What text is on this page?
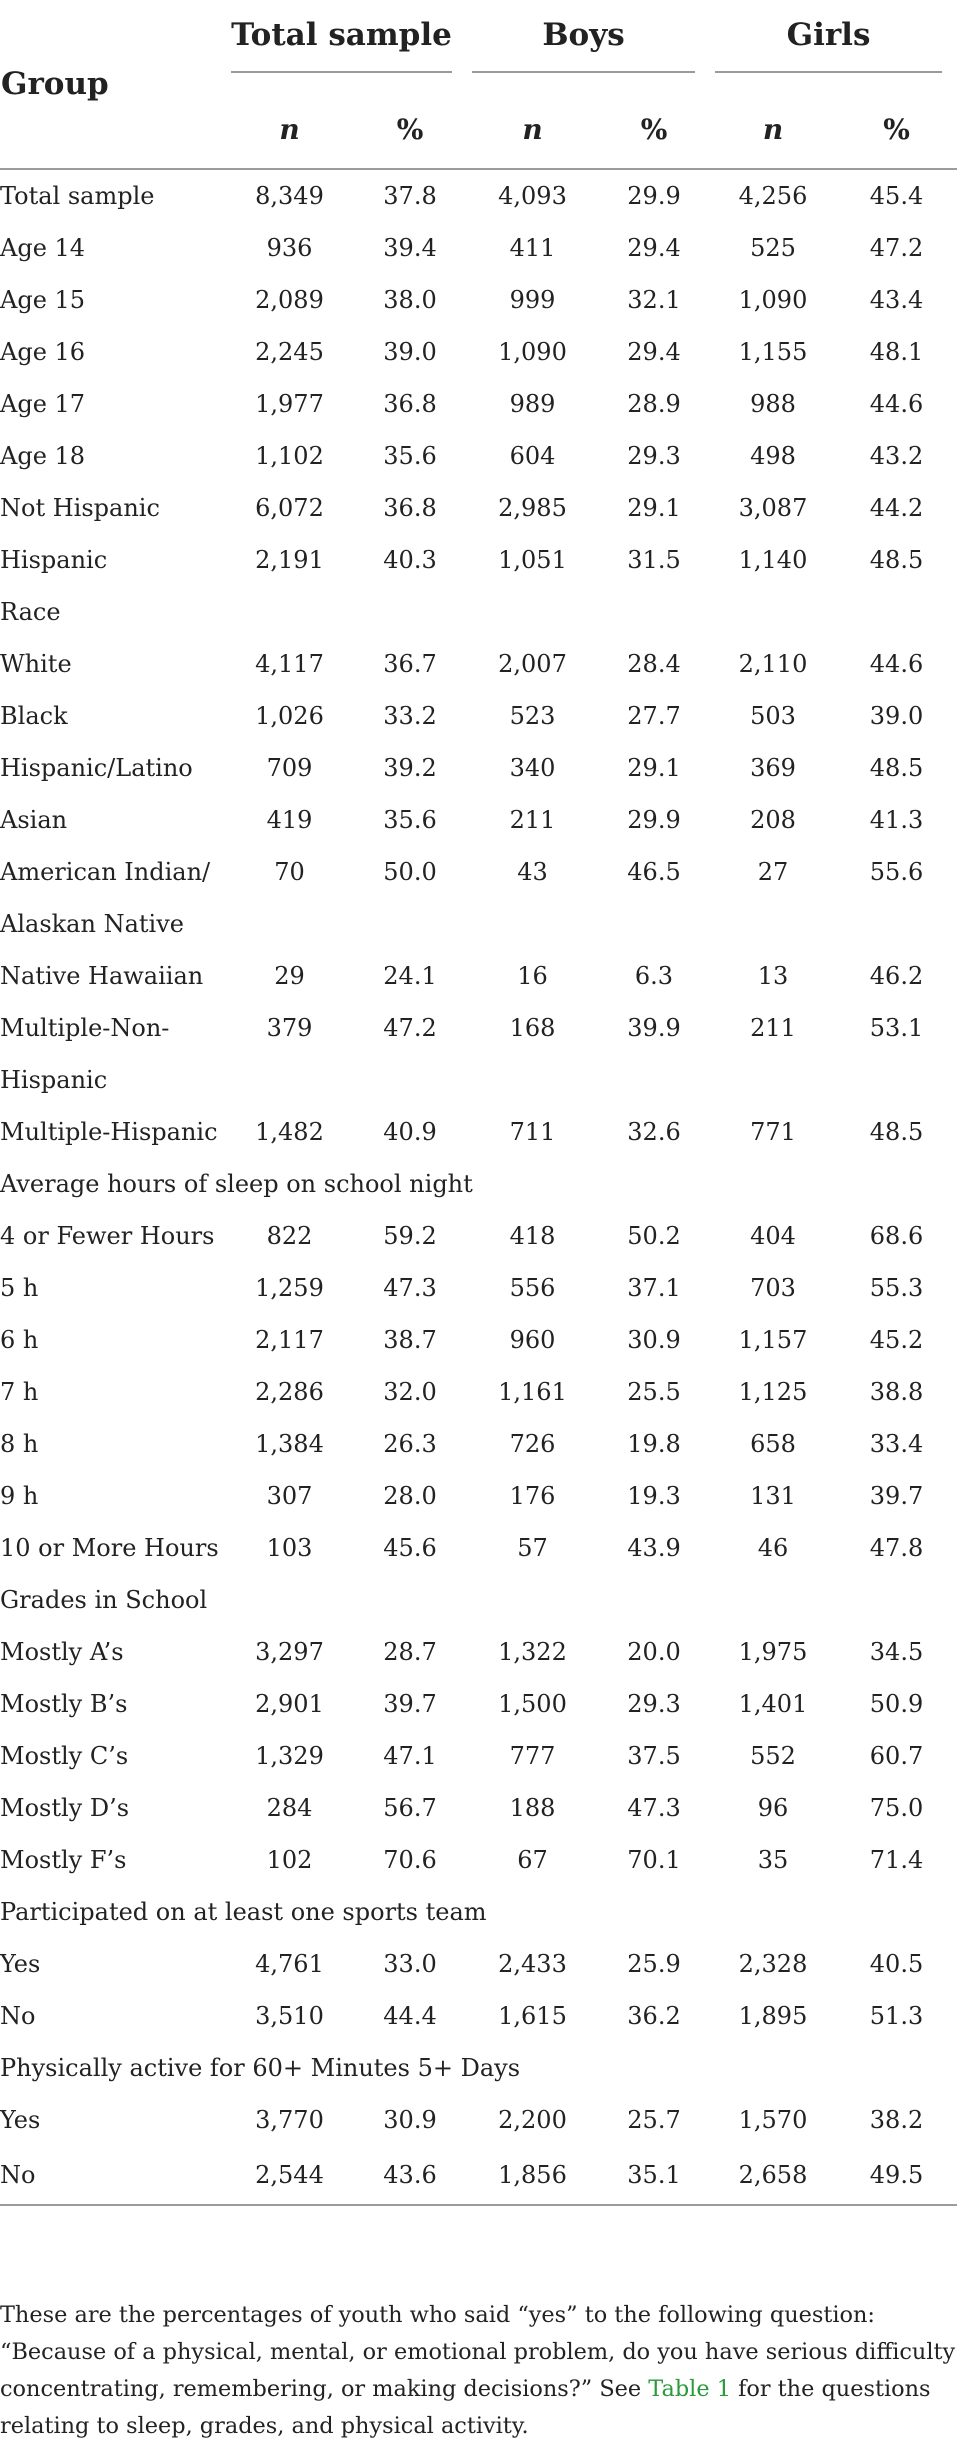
Group	Total sample		Boys		Girls	

	n	%	n	%	n	%
Total sample	8,349	37.8	4,093	29.9	4,256	45.4
Age 14	936	39.4	411	29.4	525	47.2
Age 15	2,089	38.0	999	32.1	1,090	43.4
Age 16	2,245	39.0	1,090	29.4	1,155	48.1
Age 17	1,977	36.8	989	28.9	988	44.6
Age 18	1,102	35.6	604	29.3	498	43.2
Not Hispanic	6,072	36.8	2,985	29.1	3,087	44.2
Hispanic	2,191	40.3	1,051	31.5	1,140	48.5
Race						
White	4,117	36.7	2,007	28.4	2,110	44.6
Black	1,026	33.2	523	27.7	503	39.0
Hispanic/Latino	709	39.2	340	29.1	369	48.5
Asian	419	35.6	211	29.9	208	41.3
American Indian/	70	50.0	43	46.5	27	55.6
Alaskan Native						
Native Hawaiian	29	24.1	16	6.3	13	46.2
Multiple-Non-	379	47.2	168	39.9	211	53.1
Hispanic						
Multiple-Hispanic	1,482	40.9	711	32.6	771	48.5
Average hours of sleep on school night						
4 or Fewer Hours	822	59.2	418	50.2	404	68.6
5 h	1,259	47.3	556	37.1	703	55.3
6 h	2,117	38.7	960	30.9	1,157	45.2
7 h	2,286	32.0	1,161	25.5	1,125	38.8
8 h	1,384	26.3	726	19.8	658	33.4
9 h	307	28.0	176	19.3	131	39.7
10 or More Hours	103	45.6	57	43.9	46	47.8
Grades in School						
Mostly A’s	3,297	28.7	1,322	20.0	1,975	34.5
Mostly B’s	2,901	39.7	1,500	29.3	1,401	50.9
Mostly C’s	1,329	47.1	777	37.5	552	60.7
Mostly D’s	284	56.7	188	47.3	96	75.0
Mostly F’s	102	70.6	67	70.1	35	71.4
Participated on at least one sports team						
Yes	4,761	33.0	2,433	25.9	2,328	40.5
No	3,510	44.4	1,615	36.2	1,895	51.3
Physically active for 60+ Minutes 5+ Days						
Yes	3,770	30.9	2,200	25.7	1,570	38.2
No	2,544	43.6	1,856	35.1	2,658	49.5

These are the percentages of youth who said “yes” to the following question: “Because of a physical, mental, or emotional problem, do you have serious difficulty concentrating, remembering, or making decisions?” See Table 1 for the questions relating to sleep, grades, and physical activity.
